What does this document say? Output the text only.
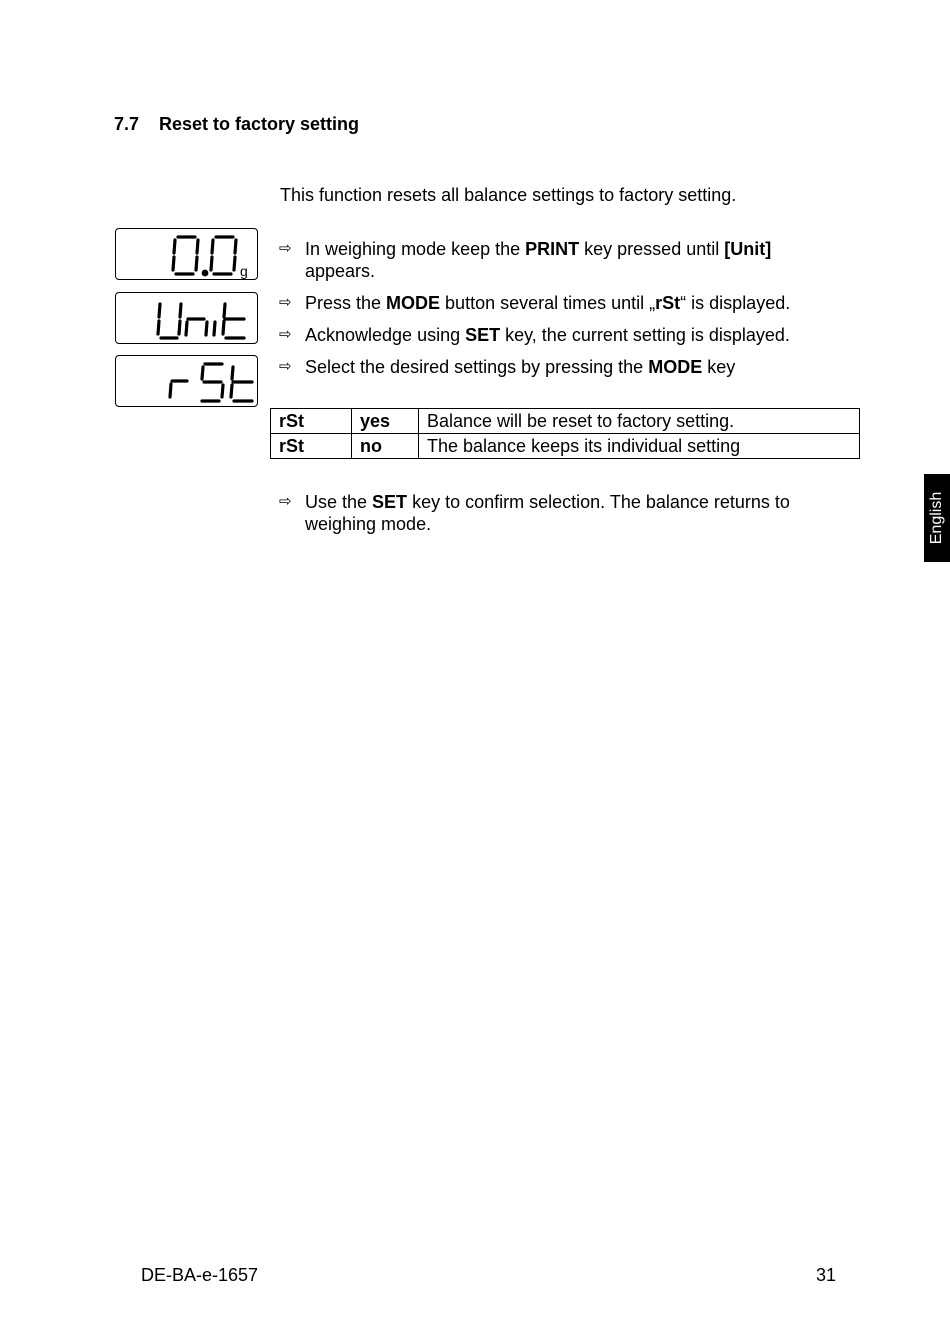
7.7 Reset to factory setting
This function resets all balance settings to factory setting.
g
⇨ In weighing mode keep the PRINT key pressed until [Unit] appears.
⇨ Press the MODE button several times until „rSt“ is displayed.
⇨ Acknowledge using SET key, the current setting is displayed.
⇨ Select the desired settings by pressing the MODE key
rSt	yes	Balance will be reset to factory setting.
rSt	no	The balance keeps its individual setting
⇨ Use the SET key to confirm selection. The balance returns to weighing mode.	English
DE-BA-e-1657	31
